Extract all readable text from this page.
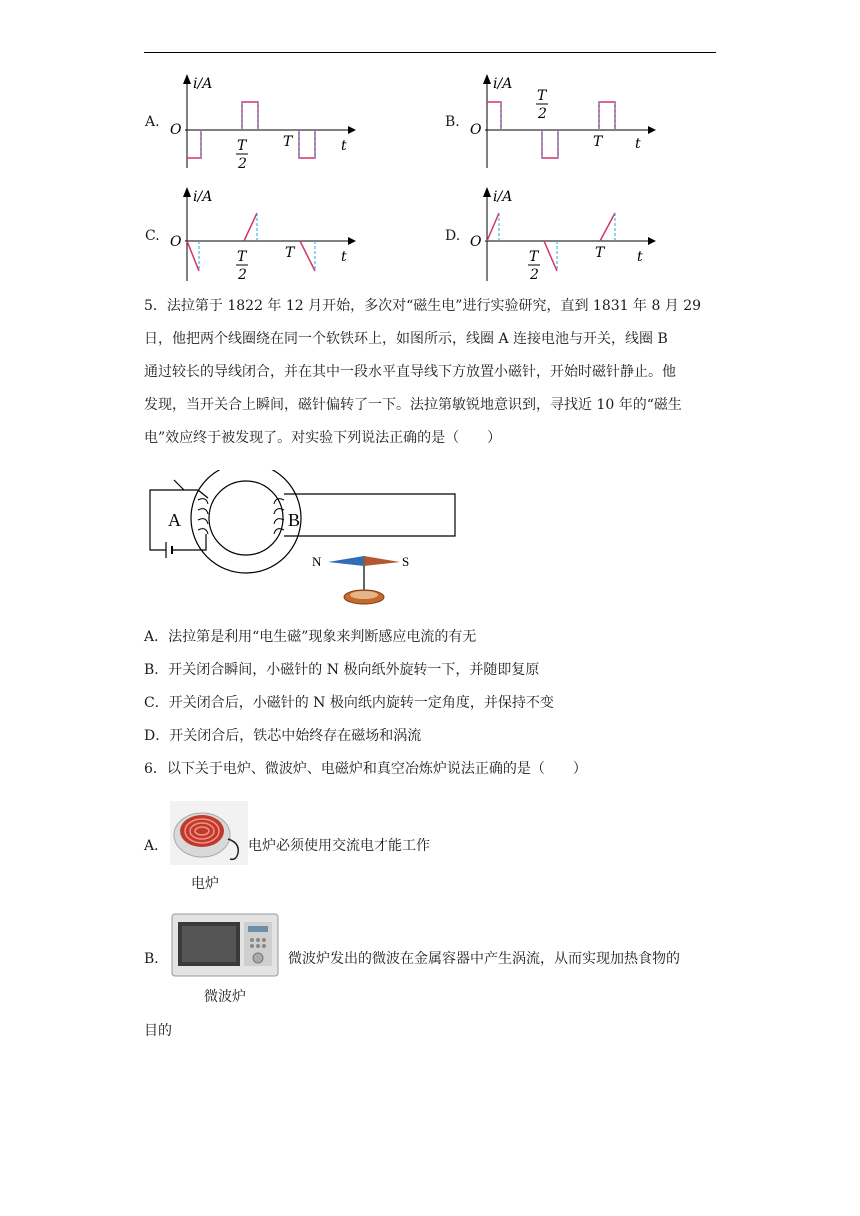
A.
i/A
O
t
T
2
T
B.
i/A
O
t
T
2
T
C.
i/A
O
t
T
2
T
D.
i/A
O
t
T
2
T
5．法拉第于 1822 年 12 月开始，多次对“磁生电”进行实验研究，直到 1831 年 8 月 29
日，他把两个线圈绕在同一个软铁环上，如图所示，线圈 A 连接电池与开关，线圈 B
通过较长的导线闭合，并在其中一段水平直导线下方放置小磁针，开始时磁针静止。他
发现，当开关合上瞬间，磁针偏转了一下。法拉第敏锐地意识到，寻找近 10 年的“磁生
电”效应终于被发现了。对实验下列说法正确的是（　　）
A	B
N	S
A．法拉第是利用“电生磁”现象来判断感应电流的有无
B．开关闭合瞬间，小磁针的 N 极向纸外旋转一下，并随即复原
C．开关闭合后，小磁针的 N 极向纸内旋转一定角度，并保持不变
D．开关闭合后，铁芯中始终存在磁场和涡流
6．以下关于电炉、微波炉、电磁炉和真空冶炼炉说法正确的是（　　）
A．	电炉必须使用交流电才能工作
电炉
B．	微波炉发出的微波在金属容器中产生涡流，从而实现加热食物的
微波炉
目的
